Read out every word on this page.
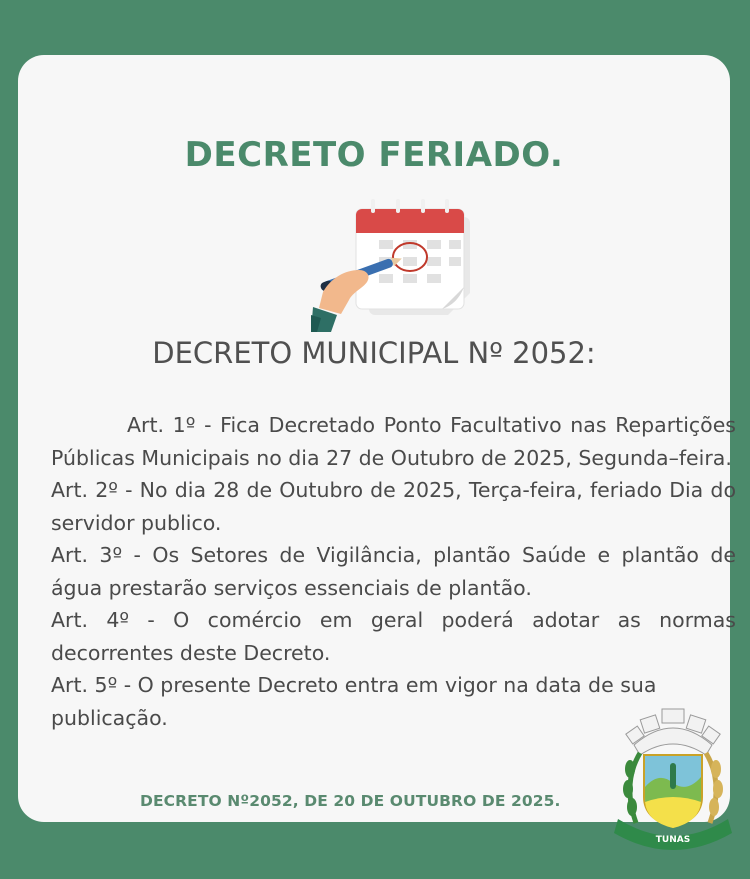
DECRETO FERIADO.
DECRETO MUNICIPAL Nº 2052:

Art. 1º - Fica Decretado Ponto Facultativo nas Repartições Públicas Municipais no dia 27 de Outubro de 2025, Segunda–feira.

Art. 2º - No dia 28 de Outubro de 2025, Terça-feira, feriado Dia do servidor publico.

Art. 3º - Os Setores de Vigilância, plantão Saúde e plantão de água prestarão serviços essenciais de plantão.

Art. 4º - O comércio em geral poderá adotar as normas decorrentes deste Decreto.

Art. 5º - O presente Decreto entra em vigor na data de sua publicação.

DECRETO Nº2052, DE 20 DE OUTUBRO DE 2025.
TUNAS
